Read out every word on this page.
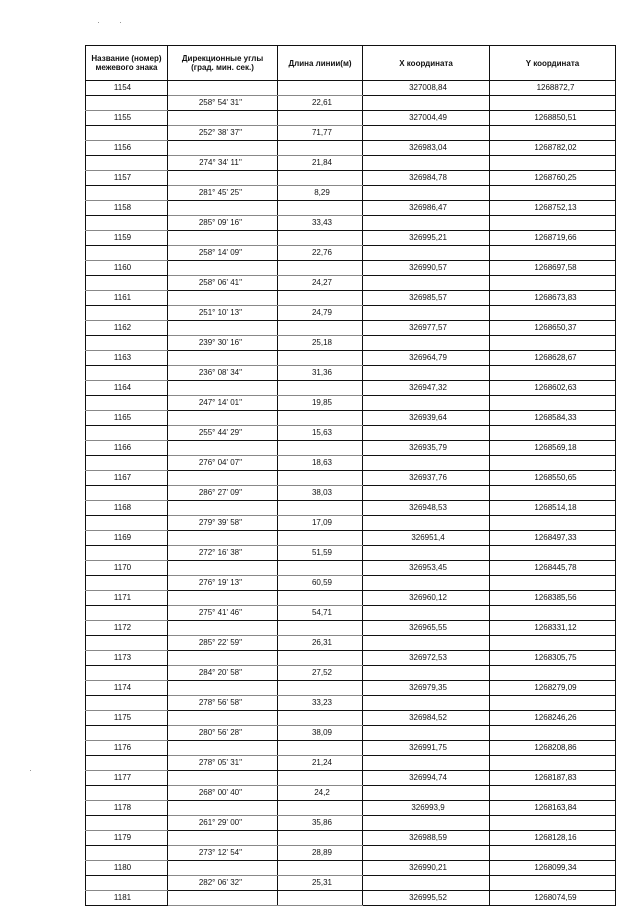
Название (номер) межевого знака	Дирекционные углы (град. мин. сек.)	Длина линии(м)	X координата	Y координата
1154			327008,84	1268872,7
	258° 54' 31''	22,61		
1155			327004,49	1268850,51
	252° 38' 37''	71,77		
1156			326983,04	1268782,02
	274° 34' 11''	21,84		
1157			326984,78	1268760,25
	281° 45' 25''	8,29		
1158			326986,47	1268752,13
	285° 09' 16''	33,43		
1159			326995,21	1268719,66
	258° 14' 09''	22,76		
1160			326990,57	1268697,58
	258° 06' 41''	24,27		
1161			326985,57	1268673,83
	251° 10' 13''	24,79		
1162			326977,57	1268650,37
	239° 30' 16''	25,18		
1163			326964,79	1268628,67
	236° 08' 34''	31,36		
1164			326947,32	1268602,63
	247° 14' 01''	19,85		
1165			326939,64	1268584,33
	255° 44' 29''	15,63		
1166			326935,79	1268569,18
	276° 04' 07''	18,63		
1167			326937,76	1268550,65
	286° 27' 09''	38,03		
1168			326948,53	1268514,18
	279° 39' 58''	17,09		
1169			326951,4	1268497,33
	272° 16' 38''	51,59		
1170			326953,45	1268445,78
	276° 19' 13''	60,59		
1171			326960,12	1268385,56
	275° 41' 46''	54,71		
1172			326965,55	1268331,12
	285° 22' 59''	26,31		
1173			326972,53	1268305,75
	284° 20' 58''	27,52		
1174			326979,35	1268279,09
	278° 56' 58''	33,23		
1175			326984,52	1268246,26
	280° 56' 28''	38,09		
1176			326991,75	1268208,86
	278° 05' 31''	21,24		
1177			326994,74	1268187,83
	268° 00' 40''	24,2		
1178			326993,9	1268163,84
	261° 29' 00''	35,86		
1179			326988,59	1268128,16
	273° 12' 54''	28,89		
1180			326990,21	1268099,34
	282° 06' 32''	25,31		
1181			326995,52	1268074,59
